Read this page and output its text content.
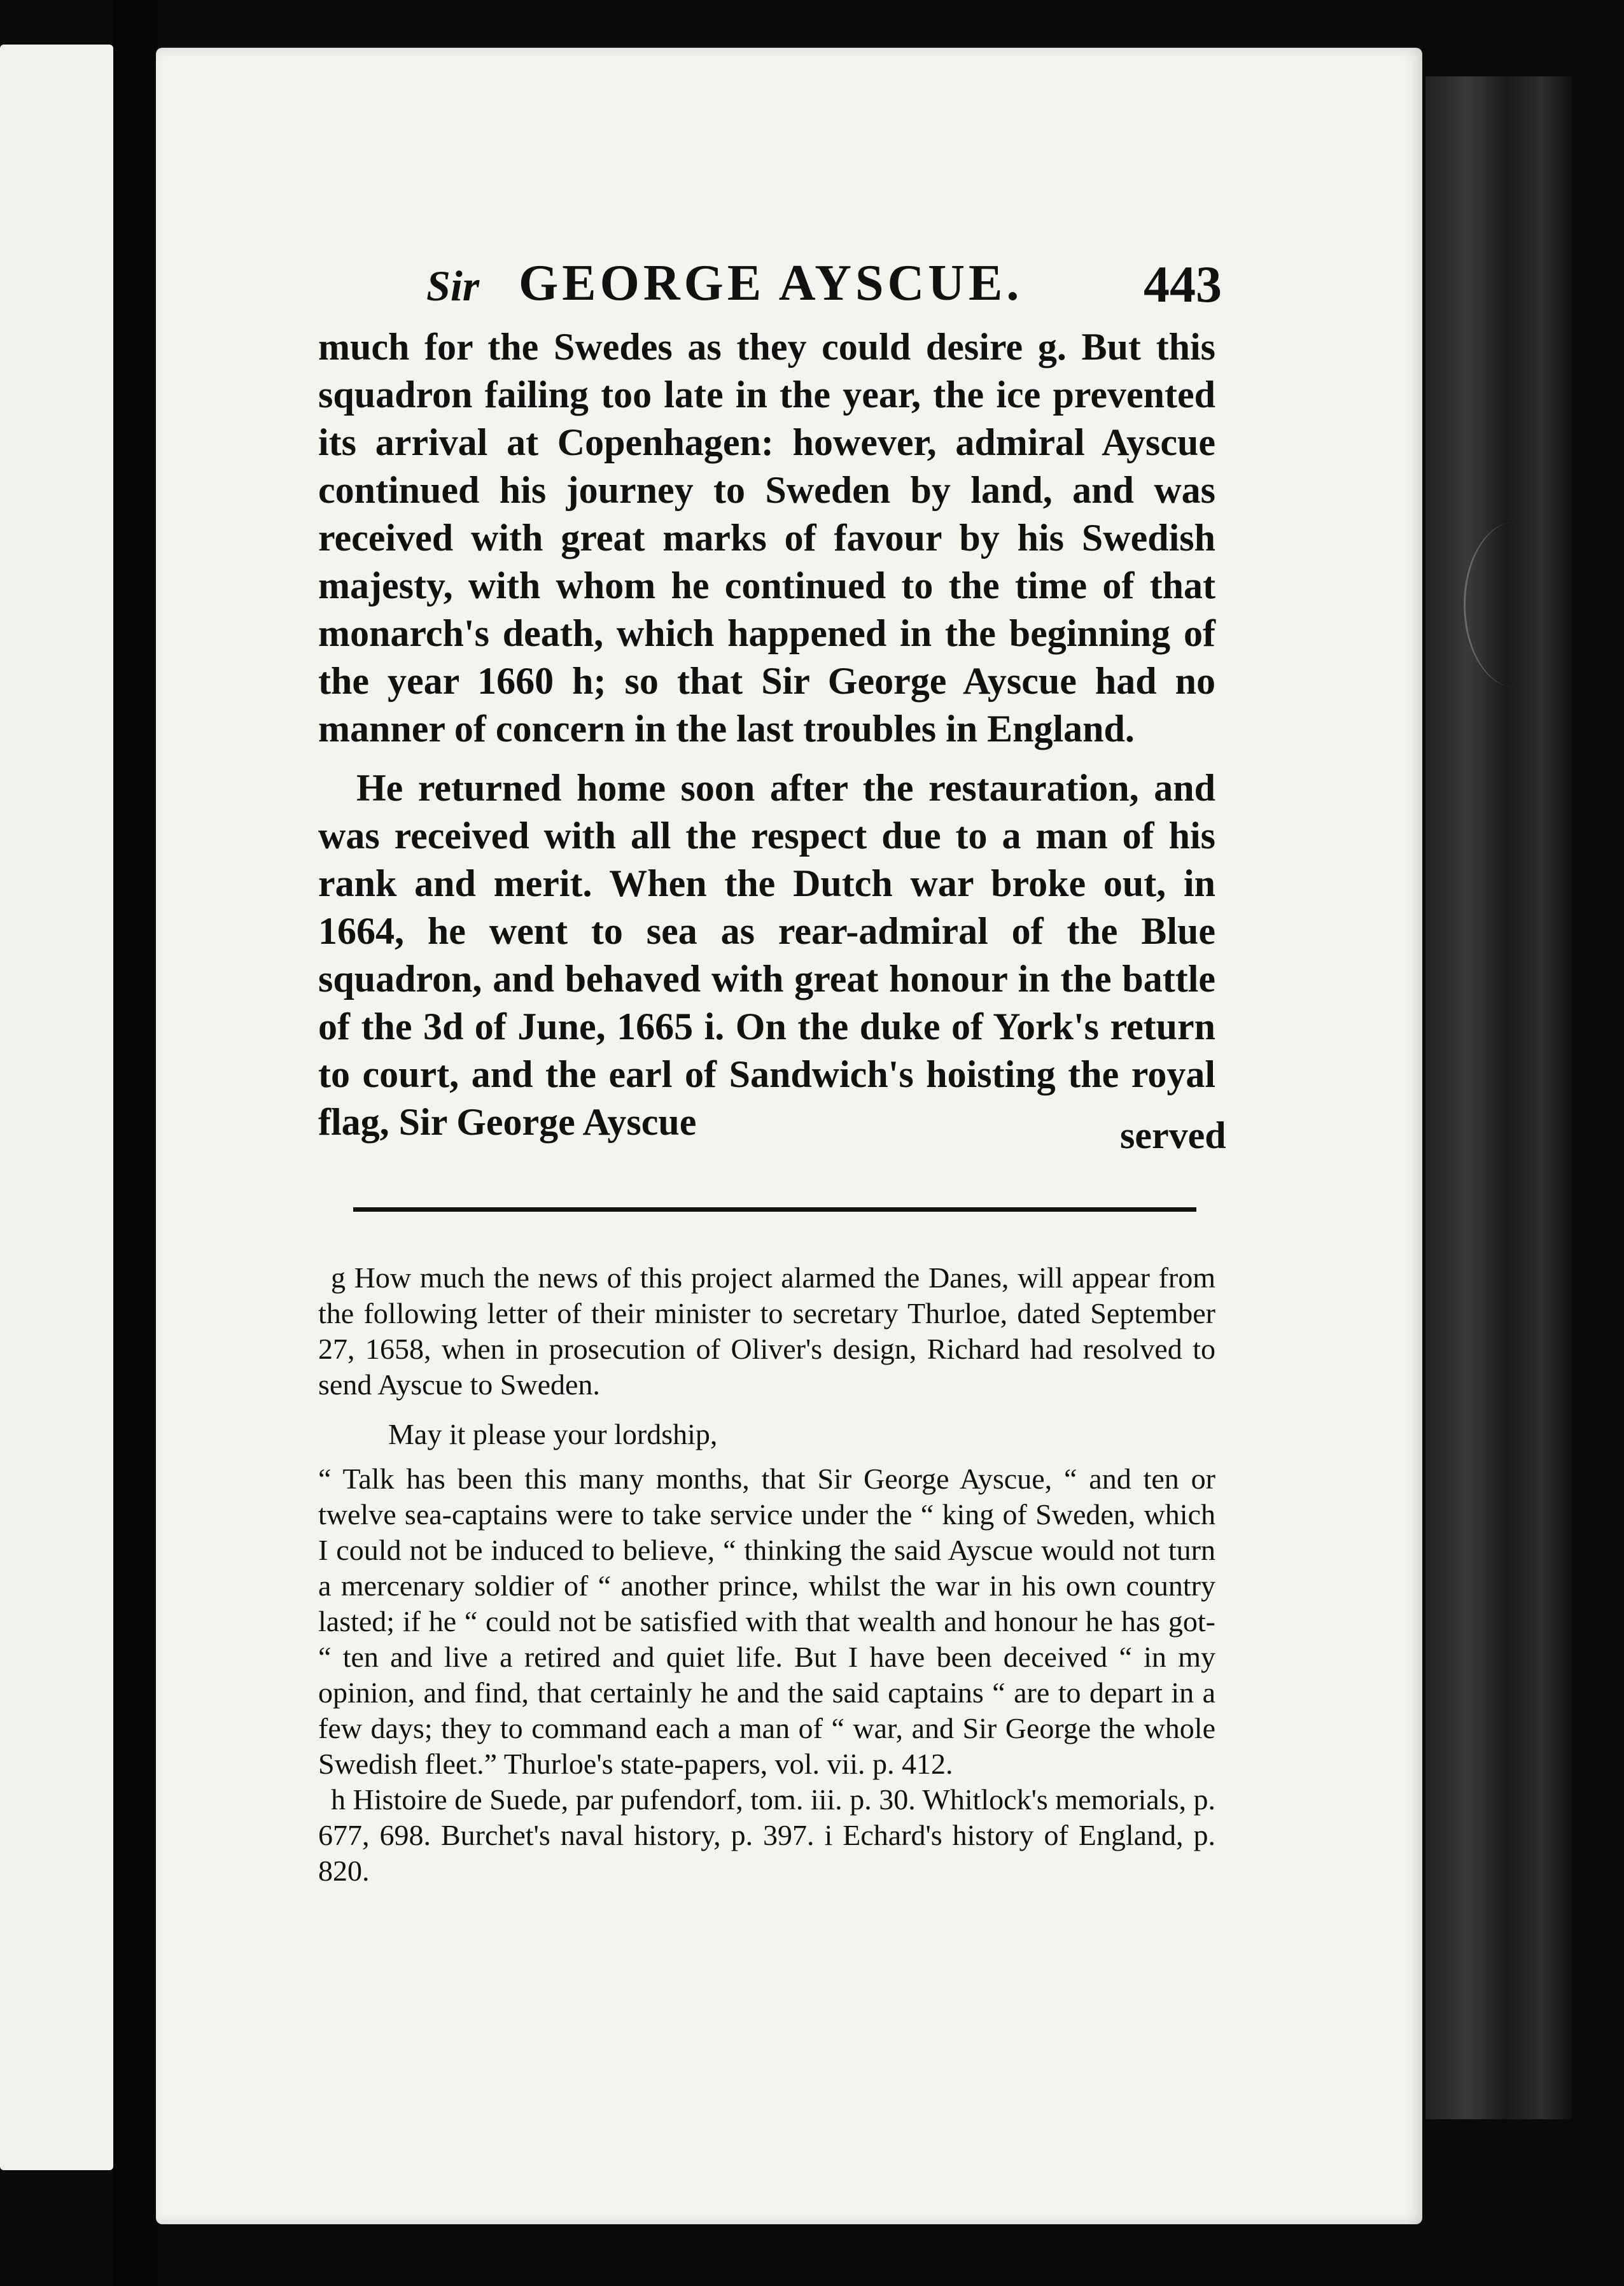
Sir GEORGE AYSCUE. 443

much for the Swedes as they could desire g. But this squadron failing too late in the year, the ice prevented its arrival at Copenhagen: however, admiral Ayscue continued his journey to Sweden by land, and was received with great marks of favour by his Swedish majesty, with whom he continued to the time of that monarch's death, which happened in the beginning of the year 1660 h; so that Sir George Ayscue had no manner of concern in the last troubles in England.

He returned home soon after the restauration, and was received with all the respect due to a man of his rank and merit. When the Dutch war broke out, in 1664, he went to sea as rear-admiral of the Blue squadron, and behaved with great honour in the battle of the 3d of June, 1665 i. On the duke of York's return to court, and the earl of Sandwich's hoisting the royal flag, Sir George Ayscue	served

g How much the news of this project alarmed the Danes, will appear from the following letter of their minister to secretary Thurloe, dated September 27, 1658, when in prosecution of Oliver's design, Richard had resolved to send Ayscue to Sweden.

May it please your lordship,

“ Talk has been this many months, that Sir George Ayscue, “ and ten or twelve sea-captains were to take service under the “ king of Sweden, which I could not be induced to believe, “ thinking the said Ayscue would not turn a mercenary soldier of “ another prince, whilst the war in his own country lasted; if he “ could not be satisfied with that wealth and honour he has got- “ ten and live a retired and quiet life. But I have been deceived “ in my opinion, and find, that certainly he and the said captains “ are to depart in a few days; they to command each a man of “ war, and Sir George the whole Swedish fleet.” Thurloe's state-papers, vol. vii. p. 412.

h Histoire de Suede, par pufendorf, tom. iii. p. 30. Whitlock's memorials, p. 677, 698. Burchet's naval history, p. 397. i Echard's history of England, p. 820.
